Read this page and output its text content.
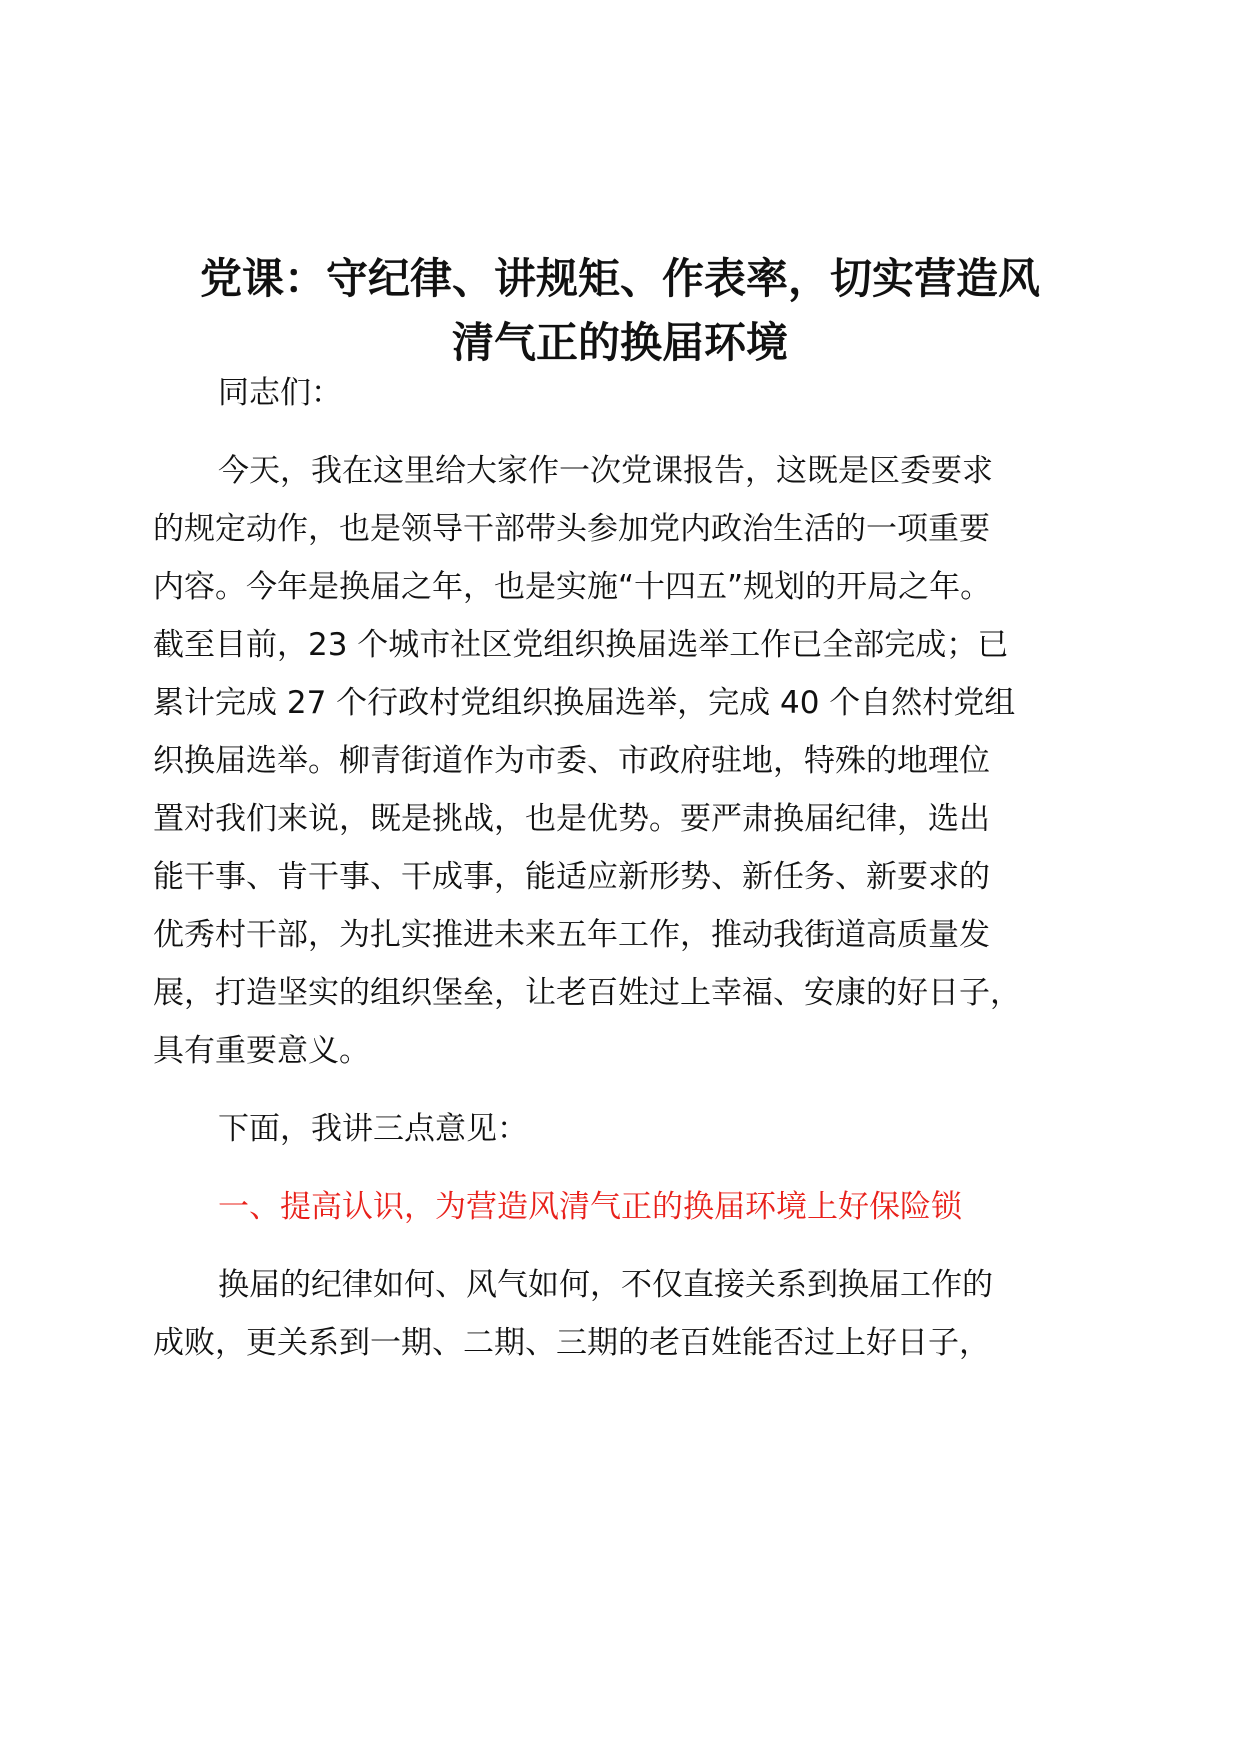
党课：守纪律、讲规矩、作表率，切实营造风
清气正的换届环境
同志们：
今天，我在这里给大家作一次党课报告，这既是区委要求
的规定动作，也是领导干部带头参加党内政治生活的一项重要
内容。今年是换届之年，也是实施“十四五”规划的开局之年。
截至目前，23 个城市社区党组织换届选举工作已全部完成；已
累计完成 27 个行政村党组织换届选举，完成 40 个自然村党组
织换届选举。柳青街道作为市委、市政府驻地，特殊的地理位
置对我们来说，既是挑战，也是优势。要严肃换届纪律，选出
能干事、肯干事、干成事，能适应新形势、新任务、新要求的
优秀村干部，为扎实推进未来五年工作，推动我街道高质量发
展，打造坚实的组织堡垒，让老百姓过上幸福、安康的好日子，
具有重要意义。
下面，我讲三点意见：
一、提高认识，为营造风清气正的换届环境上好保险锁
换届的纪律如何、风气如何，不仅直接关系到换届工作的
成败，更关系到一期、二期、三期的老百姓能否过上好日子，
